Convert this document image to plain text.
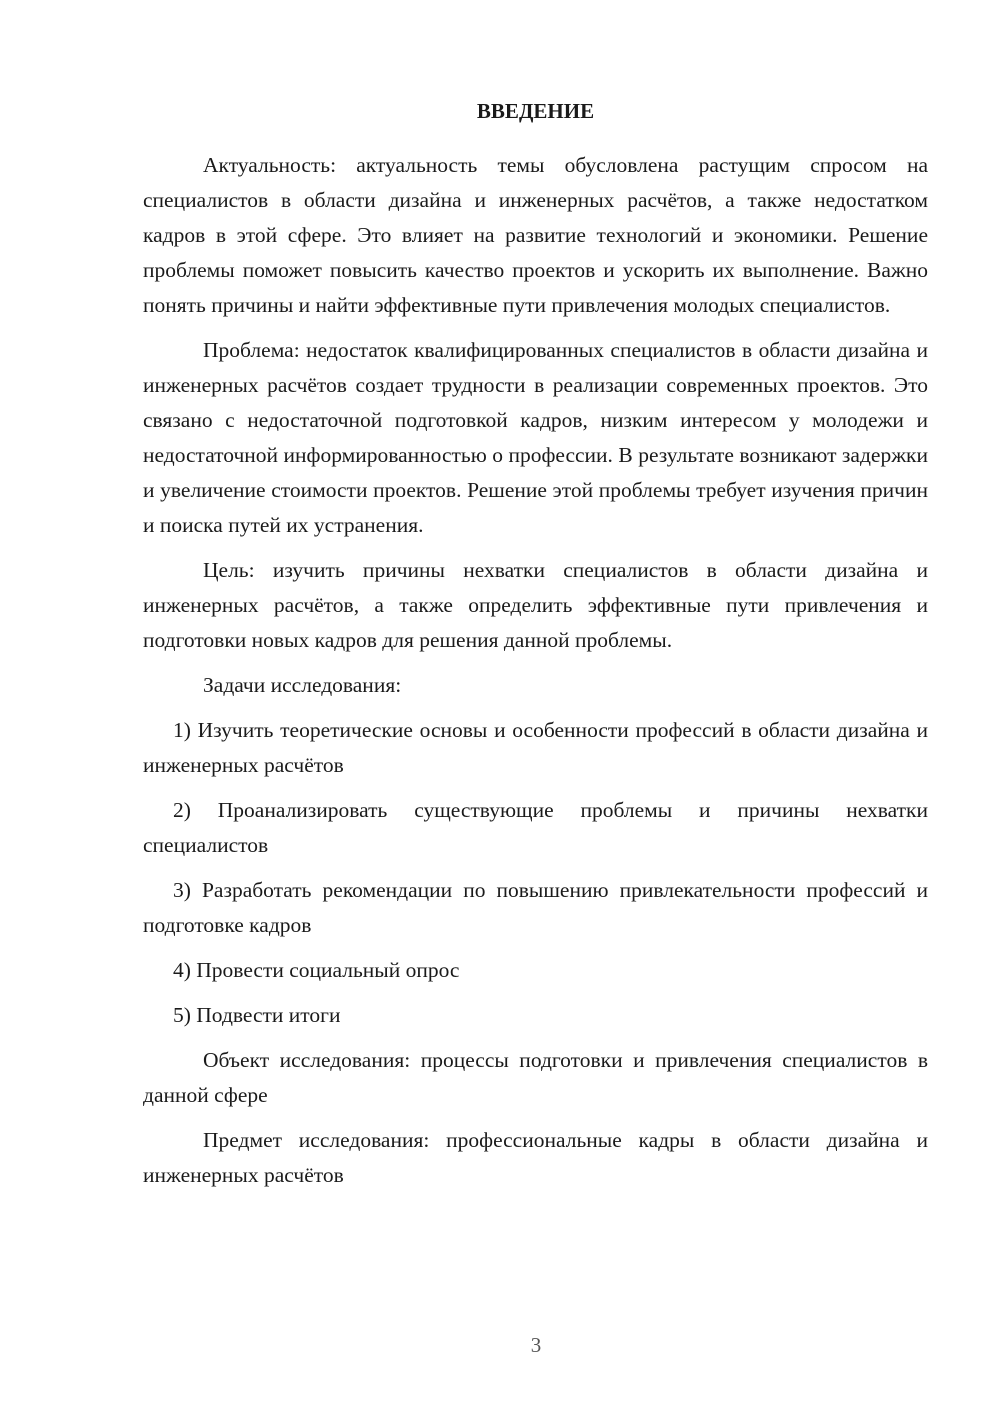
ВВЕДЕНИЕ

Актуальность: актуальность темы обусловлена растущим спросом на специалистов в области дизайна и инженерных расчётов, а также недостатком кадров в этой сфере. Это влияет на развитие технологий и экономики. Решение проблемы поможет повысить качество проектов и ускорить их выполнение. Важно понять причины и найти эффективные пути привлечения молодых специалистов.

Проблема: недостаток квалифицированных специалистов в области дизайна и инженерных расчётов создает трудности в реализации современных проектов. Это связано с недостаточной подготовкой кадров, низким интересом у молодежи и недостаточной информированностью о профессии. В результате возникают задержки и увеличение стоимости проектов. Решение этой проблемы требует изучения причин и поиска путей их устранения.

Цель: изучить причины нехватки специалистов в области дизайна и инженерных расчётов, а также определить эффективные пути привлечения и подготовки новых кадров для решения данной проблемы.

Задачи исследования:

1) Изучить теоретические основы и особенности профессий в области дизайна и инженерных расчётов

2) Проанализировать существующие проблемы и причины нехватки специалистов

3) Разработать рекомендации по повышению привлекательности профессий и подготовке кадров

4) Провести социальный опрос

5) Подвести итоги

Объект исследования: процессы подготовки и привлечения специалистов в данной сфере

Предмет исследования: профессиональные кадры в области дизайна и инженерных расчётов

3
